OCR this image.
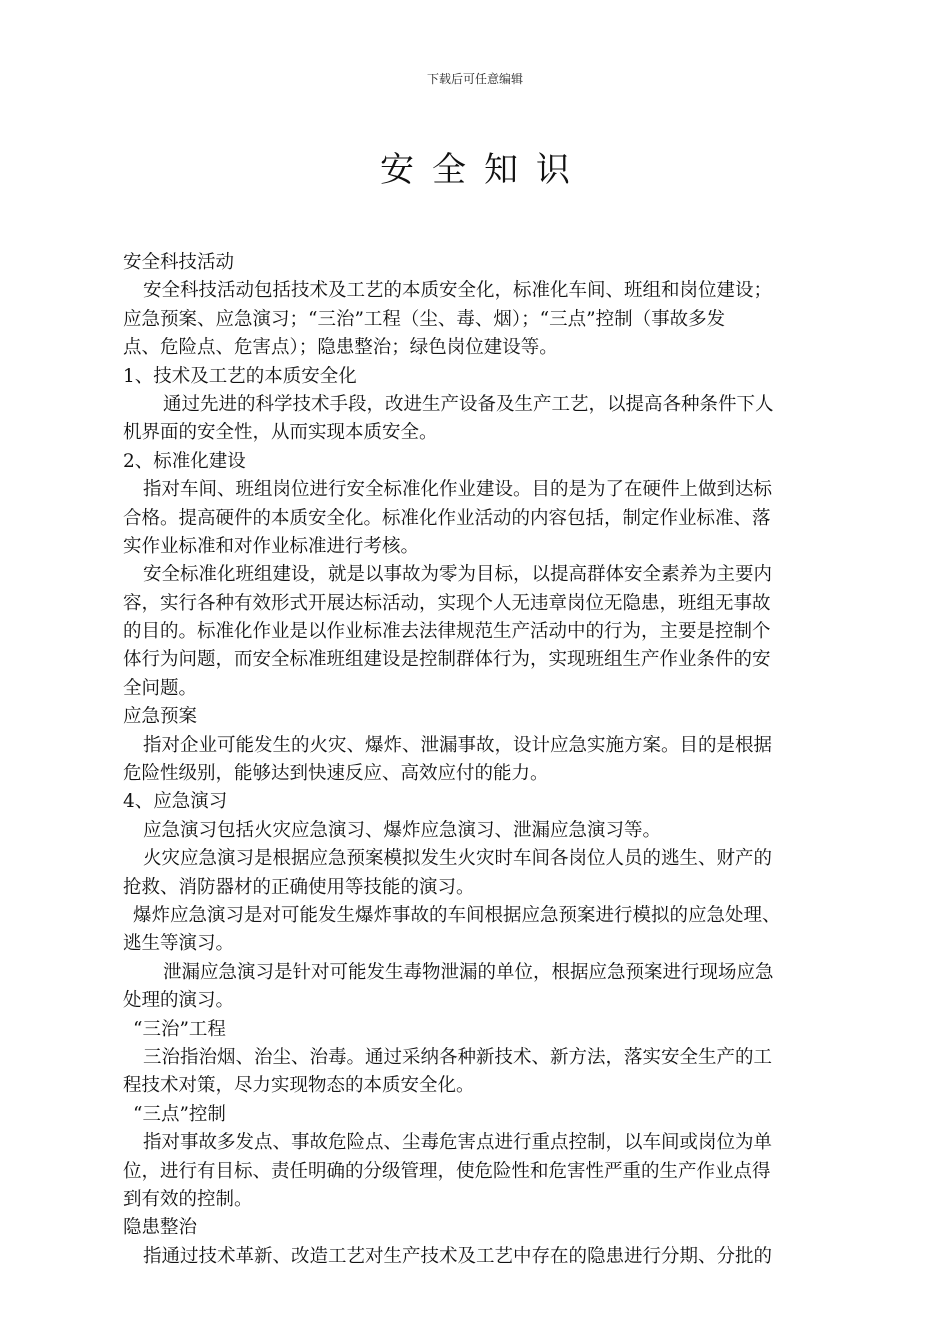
下载后可任意编辑
安全知识
安全科技活动
安全科技活动包括技术及工艺的本质安全化，标准化车间、班组和岗位建设；
应急预案、应急演习；“三治”工程（尘、毒、烟）；“三点”控制（事故多发
点、危险点、危害点）；隐患整治；绿色岗位建设等。
1、技术及工艺的本质安全化
通过先进的科学技术手段，改进生产设备及生产工艺，以提高各种条件下人
机界面的安全性，从而实现本质安全。
2、标准化建设
指对车间、班组岗位进行安全标准化作业建设。目的是为了在硬件上做到达标
合格。提高硬件的本质安全化。标准化作业活动的内容包括，制定作业标准、落
实作业标准和对作业标准进行考核。
安全标准化班组建设，就是以事故为零为目标，以提高群体安全素养为主要内
容，实行各种有效形式开展达标活动，实现个人无违章岗位无隐患，班组无事故
的目的。标准化作业是以作业标准去法律规范生产活动中的行为，主要是控制个
体行为问题，而安全标准班组建设是控制群体行为，实现班组生产作业条件的安
全问题。
应急预案
指对企业可能发生的火灾、爆炸、泄漏事故，设计应急实施方案。目的是根据
危险性级别，能够达到快速反应、高效应付的能力。
4、应急演习
应急演习包括火灾应急演习、爆炸应急演习、泄漏应急演习等。
火灾应急演习是根据应急预案模拟发生火灾时车间各岗位人员的逃生、财产的
抢救、消防器材的正确使用等技能的演习。
爆炸应急演习是对可能发生爆炸事故的车间根据应急预案进行模拟的应急处理、
逃生等演习。
泄漏应急演习是针对可能发生毒物泄漏的单位，根据应急预案进行现场应急
处理的演习。
“三治”工程
三治指治烟、治尘、治毒。通过采纳各种新技术、新方法，落实安全生产的工
程技术对策，尽力实现物态的本质安全化。
“三点”控制
指对事故多发点、事故危险点、尘毒危害点进行重点控制，以车间或岗位为单
位，进行有目标、责任明确的分级管理，使危险性和危害性严重的生产作业点得
到有效的控制。
隐患整治
指通过技术革新、改造工艺对生产技术及工艺中存在的隐患进行分期、分批的
